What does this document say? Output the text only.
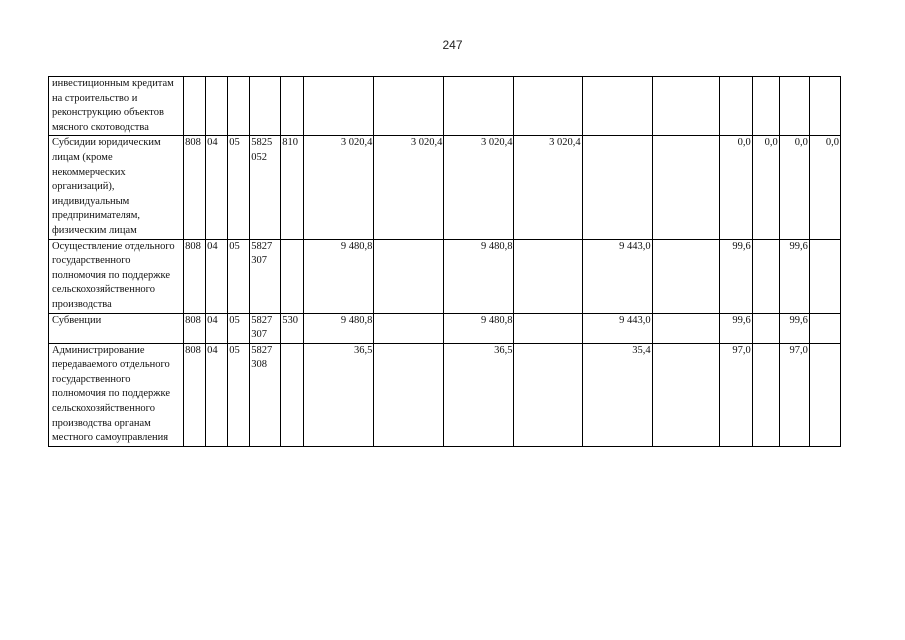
247
инвестиционным кредитам на строительство и реконструкцию объектов мясного скотоводства															
Субсидии юридическим лицам (кроме некоммерческих организаций), индивидуальным предпринимателям, физическим лицам	808	04	05	5825 052	810	3 020,4	3 020,4	3 020,4	3 020,4			0,0	0,0	0,0	0,0
Осуществление отдельного государственного полномочия по поддержке сельскохозяйственного производства	808	04	05	5827 307		9 480,8		9 480,8		9 443,0		99,6		99,6	
Субвенции	808	04	05	5827 307	530	9 480,8		9 480,8		9 443,0		99,6		99,6	
Администрирование передаваемого отдельного государственного полномочия по поддержке сельскохозяйственного производства органам местного самоуправления	808	04	05	5827 308		36,5		36,5		35,4		97,0		97,0	
